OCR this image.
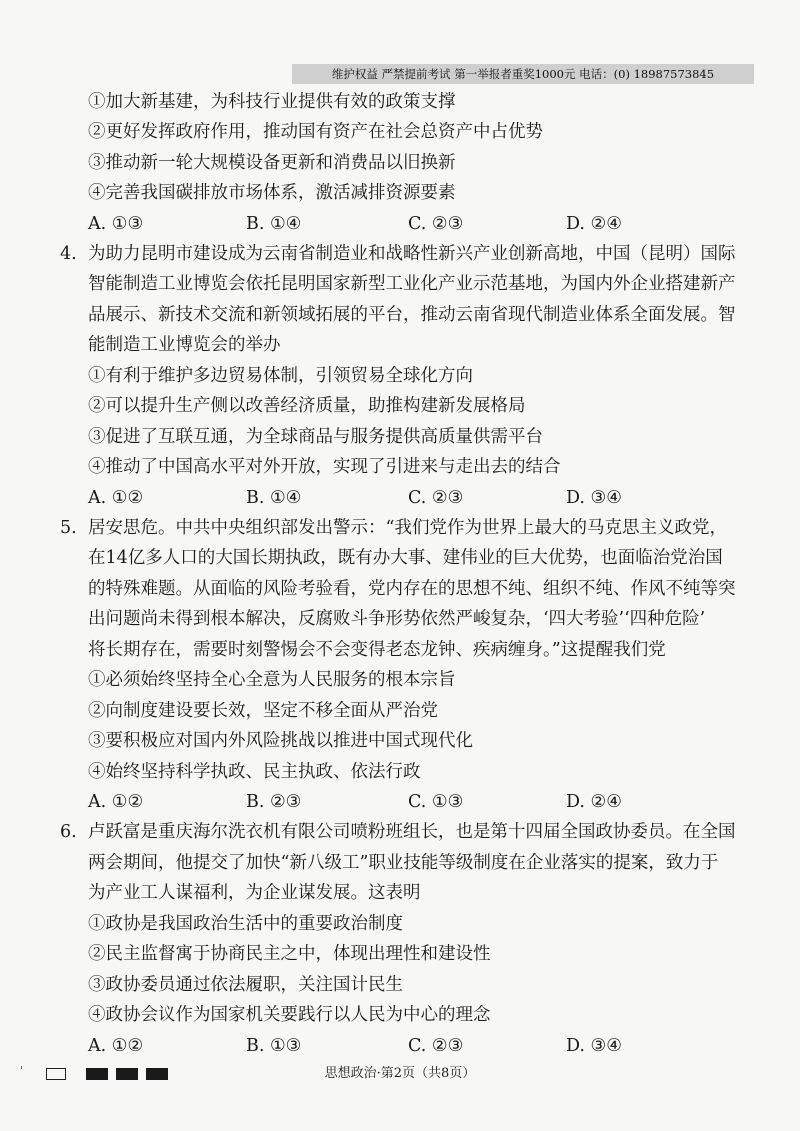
维护权益 严禁提前考试 第一举报者重奖1000元 电话：(0) 18987573845
①加大新基建，为科技行业提供有效的政策支撑
②更好发挥政府作用，推动国有资产在社会总资产中占优势
③推动新一轮大规模设备更新和消费品以旧换新
④完善我国碳排放市场体系，激活减排资源要素
A. ①③	B. ①④	C. ②③	D. ②④
4. 为助力昆明市建设成为云南省制造业和战略性新兴产业创新高地，中国（昆明）国际
智能制造工业博览会依托昆明国家新型工业化产业示范基地，为国内外企业搭建新产
品展示、新技术交流和新领域拓展的平台，推动云南省现代制造业体系全面发展。智
能制造工业博览会的举办
①有利于维护多边贸易体制，引领贸易全球化方向
②可以提升生产侧以改善经济质量，助推构建新发展格局
③促进了互联互通，为全球商品与服务提供高质量供需平台
④推动了中国高水平对外开放，实现了引进来与走出去的结合
A. ①②	B. ①④	C. ②③	D. ③④
5. 居安思危。中共中央组织部发出警示：“我们党作为世界上最大的马克思主义政党，
在14亿多人口的大国长期执政，既有办大事、建伟业的巨大优势，也面临治党治国
的特殊难题。从面临的风险考验看，党内存在的思想不纯、组织不纯、作风不纯等突
出问题尚未得到根本解决，反腐败斗争形势依然严峻复杂，‘四大考验’‘四种危险’
将长期存在，需要时刻警惕会不会变得老态龙钟、疾病缠身。”这提醒我们党
①必须始终坚持全心全意为人民服务的根本宗旨
②向制度建设要长效，坚定不移全面从严治党
③要积极应对国内外风险挑战以推进中国式现代化
④始终坚持科学执政、民主执政、依法行政
A. ①②	B. ②③	C. ①③	D. ②④
6. 卢跃富是重庆海尔洗衣机有限公司喷粉班组长，也是第十四届全国政协委员。在全国
两会期间，他提交了加快“新八级工”职业技能等级制度在企业落实的提案，致力于
为产业工人谋福利，为企业谋发展。这表明
①政协是我国政治生活中的重要政治制度
②民主监督寓于协商民主之中，体现出理性和建设性
③政协委员通过依法履职，关注国计民生
④政协会议作为国家机关要践行以人民为中心的理念
A. ①②	B. ①③	C. ②③	D. ③④
'	思想政治·第2页（共8页）
